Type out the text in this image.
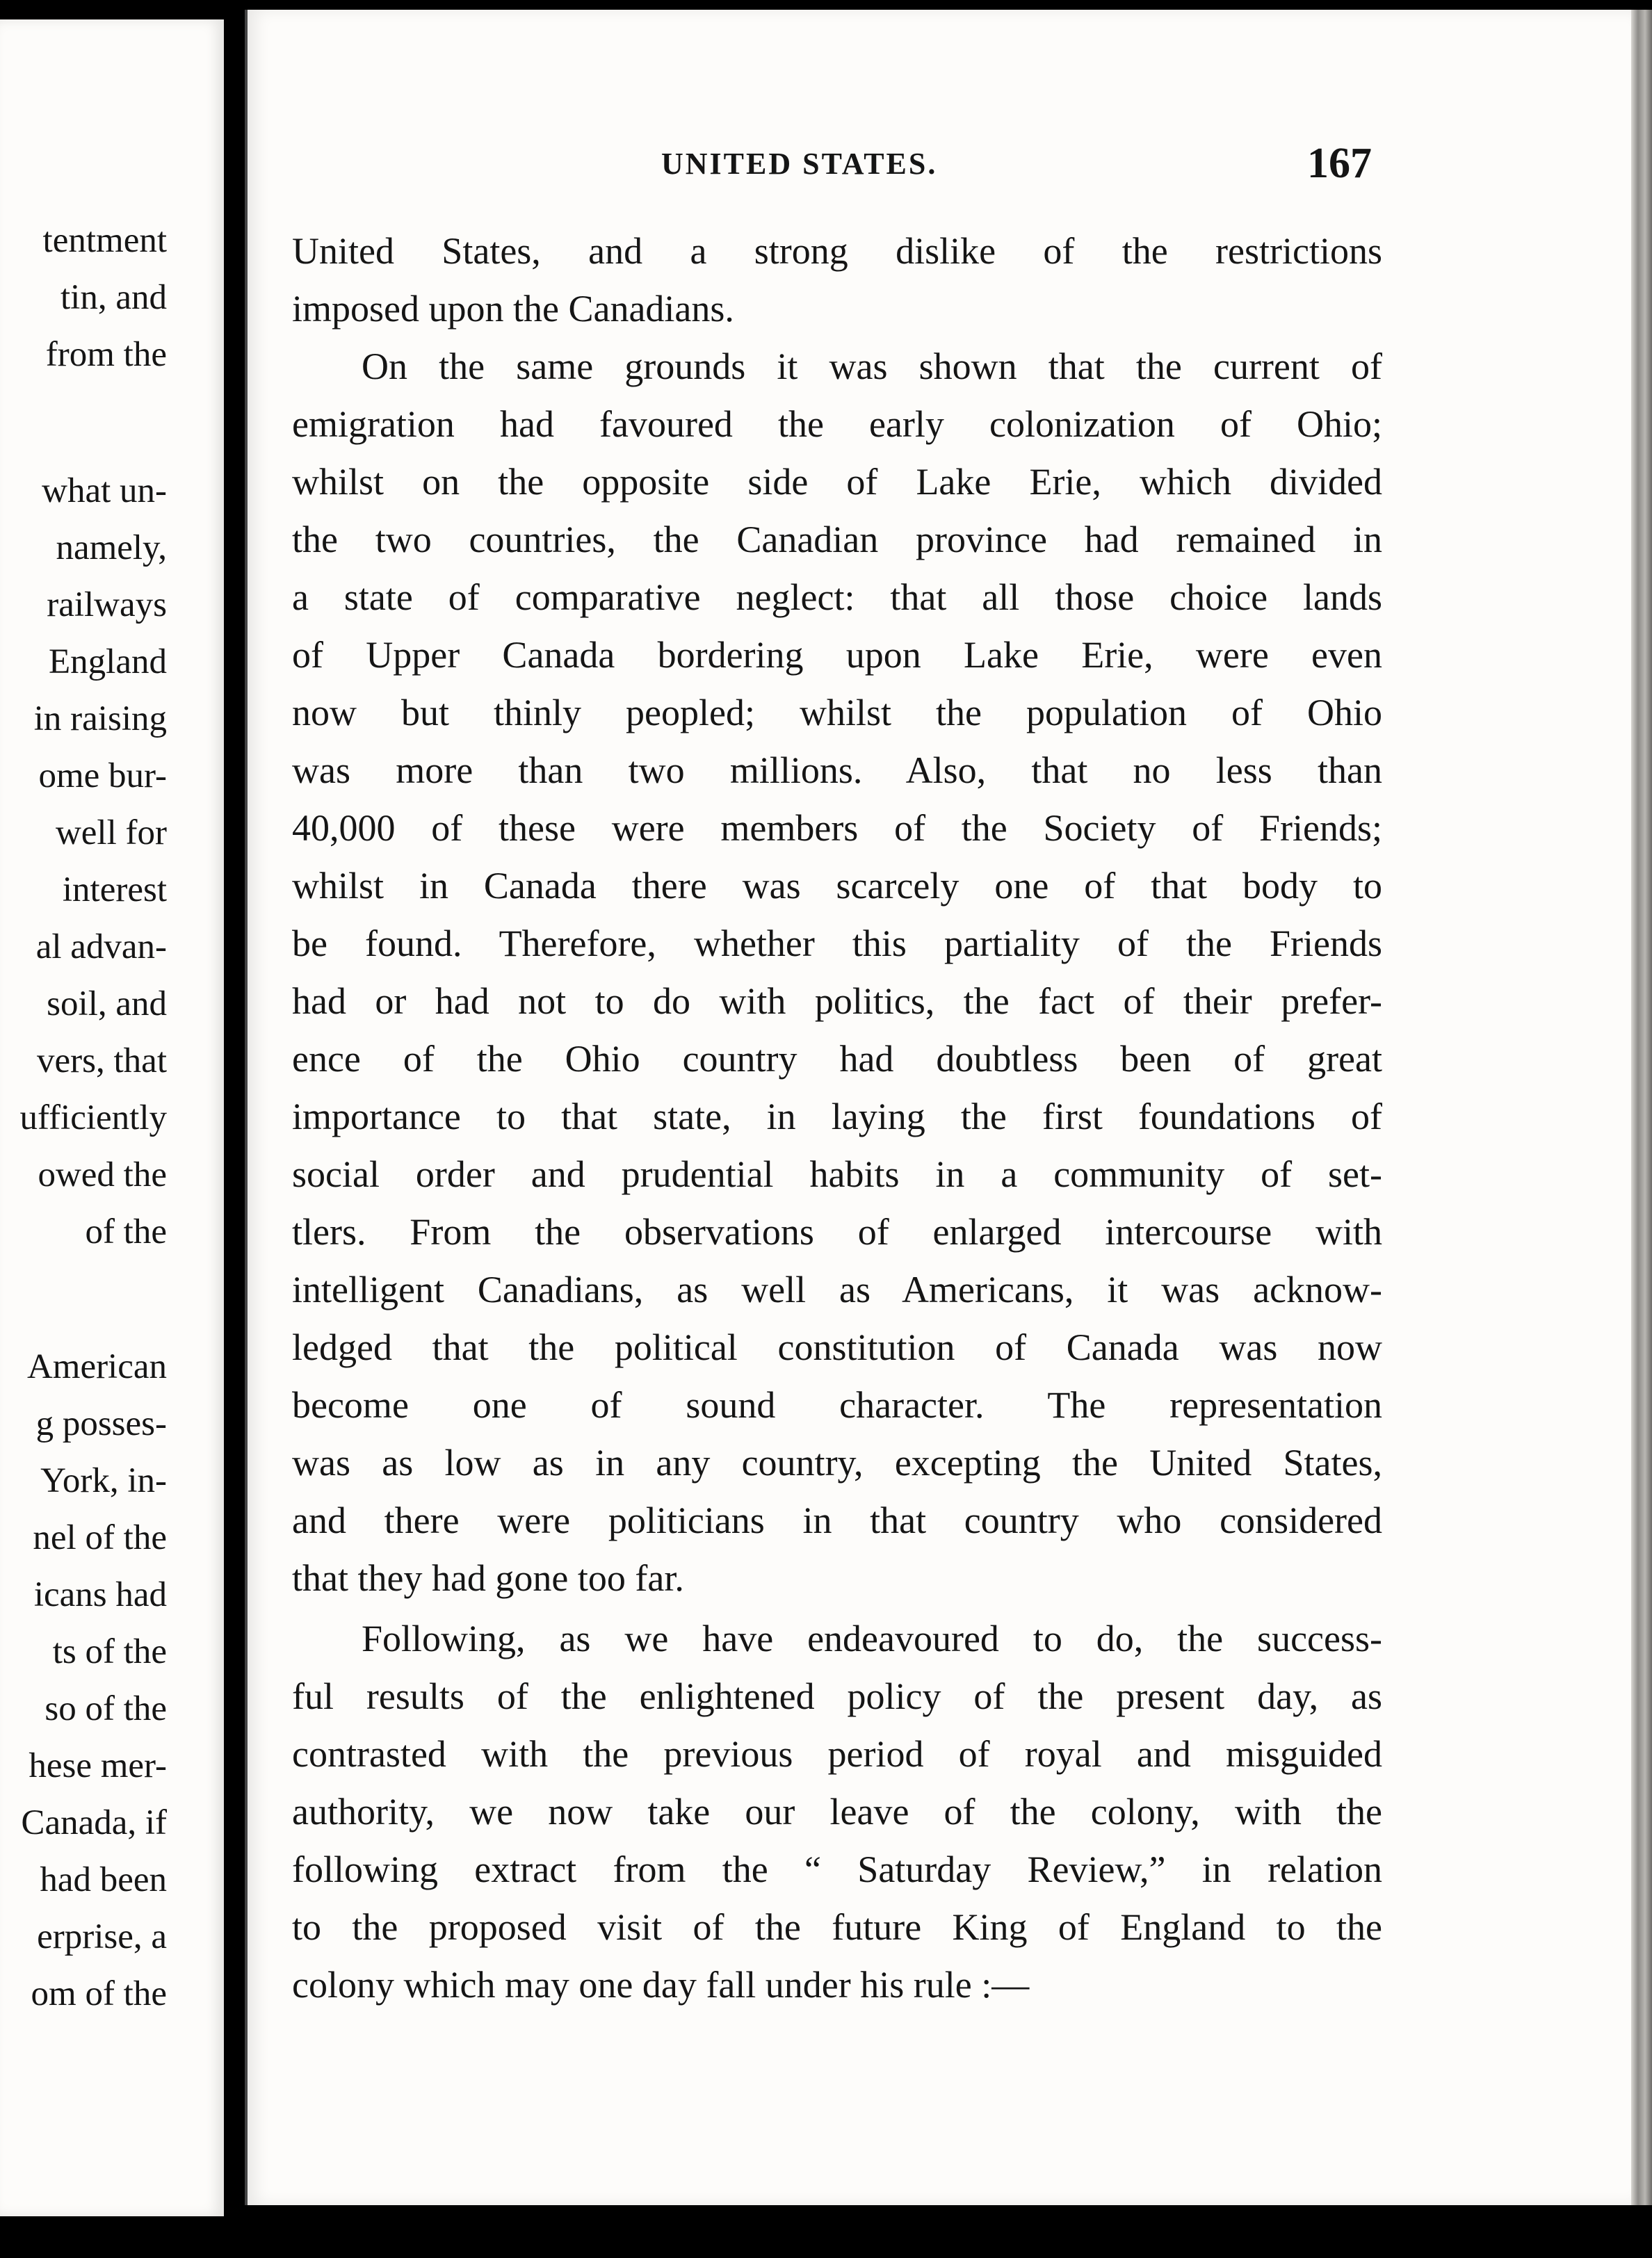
tentment
tin, and
from the
what un-
namely,
railways
England
in raising
ome bur-
well for
interest
al advan-
soil, and
vers, that
ufficiently
owed the
of the
American
g posses-
York, in-
nel of the
icans had
ts of the
so of the
hese mer-
Canada, if
had been
erprise, a
om of the
UNITED STATES.	167
United States, and a strong dislike of the restrictions
imposed upon the Canadians.
On the same grounds it was shown that the current of
emigration had favoured the early colonization of Ohio;
whilst on the opposite side of Lake Erie, which divided
the two countries, the Canadian province had remained in
a state of comparative neglect: that all those choice lands
of Upper Canada bordering upon Lake Erie, were even
now but thinly peopled; whilst the population of Ohio
was more than two millions. Also, that no less than
40,000 of these were members of the Society of Friends;
whilst in Canada there was scarcely one of that body to
be found. Therefore, whether this partiality of the Friends
had or had not to do with politics, the fact of their prefer-
ence of the Ohio country had doubtless been of great
importance to that state, in laying the first foundations of
social order and prudential habits in a community of set-
tlers. From the observations of enlarged intercourse with
intelligent Canadians, as well as Americans, it was acknow-
ledged that the political constitution of Canada was now
become one of sound character. The representation
was as low as in any country, excepting the United States,
and there were politicians in that country who considered
that they had gone too far.
Following, as we have endeavoured to do, the success-
ful results of the enlightened policy of the present day, as
contrasted with the previous period of royal and misguided
authority, we now take our leave of the colony, with the
following extract from the “ Saturday Review,” in relation
to the proposed visit of the future King of England to the
colony which may one day fall under his rule :—
